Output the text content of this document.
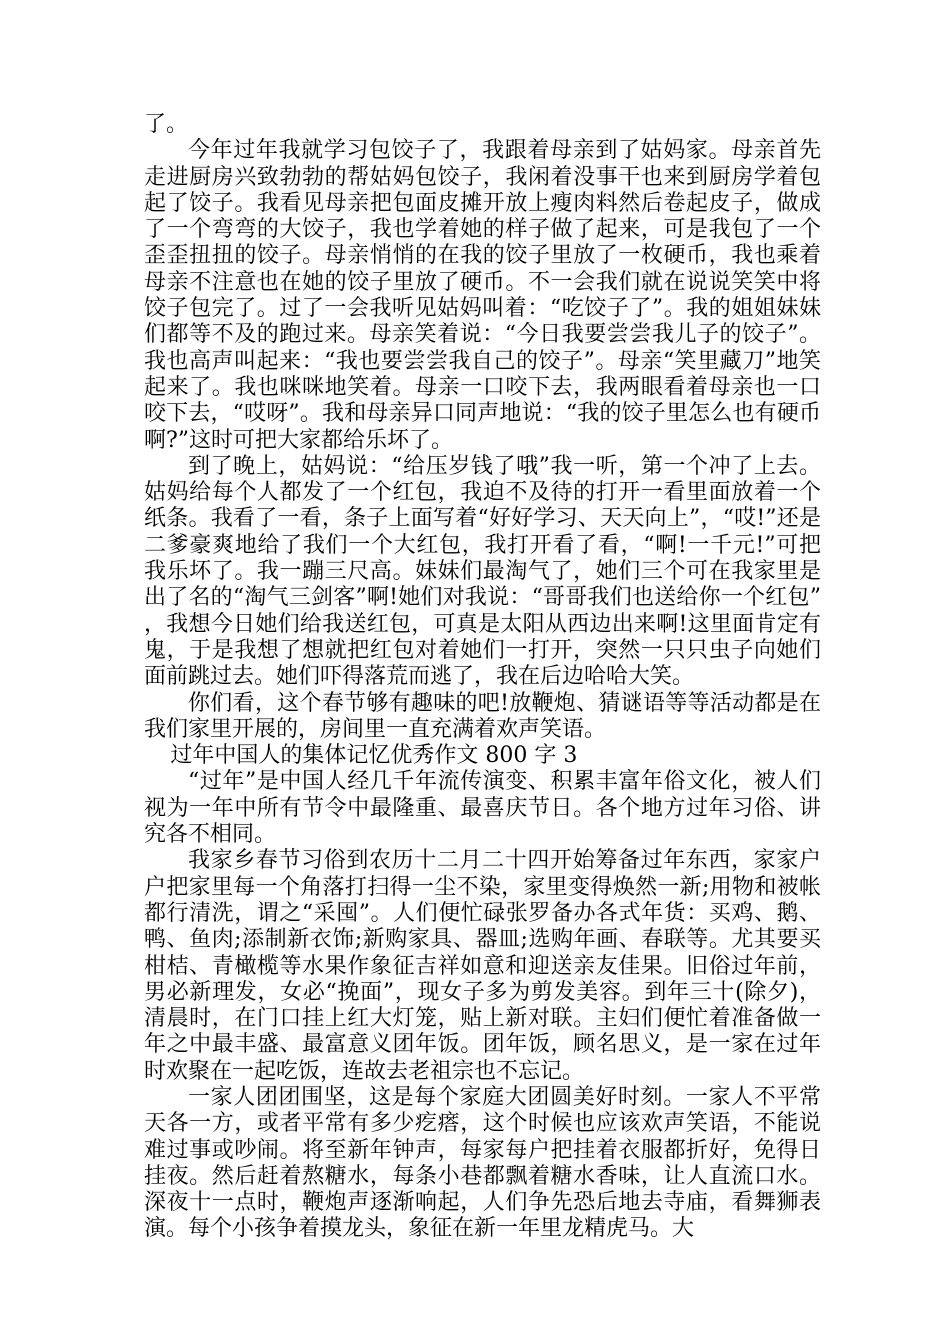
了。

今年过年我就学习包饺子了，我跟着母亲到了姑妈家。母亲首先走进厨房兴致勃勃的帮姑妈包饺子，我闲着没事干也来到厨房学着包起了饺子。我看见母亲把包面皮摊开放上瘦肉料然后卷起皮子，做成了一个弯弯的大饺子，我也学着她的样子做了起来，可是我包了一个歪歪扭扭的饺子。母亲悄悄的在我的饺子里放了一枚硬币，我也乘着母亲不注意也在她的饺子里放了硬币。不一会我们就在说说笑笑中将饺子包完了。过了一会我听见姑妈叫着：“吃饺子了”。我的姐姐妹妹们都等不及的跑过来。母亲笑着说：“今日我要尝尝我儿子的饺子”。我也高声叫起来：“我也要尝尝我自己的饺子”。母亲“笑里藏刀”地笑起来了。我也咪咪地笑着。母亲一口咬下去，我两眼看着母亲也一口咬下去，“哎呀”。我和母亲异口同声地说：“我的饺子里怎么也有硬币啊?”这时可把大家都给乐坏了。

到了晚上，姑妈说：“给压岁钱了哦”我一听，第一个冲了上去。姑妈给每个人都发了一个红包，我迫不及待的打开一看里面放着一个纸条。我看了一看，条子上面写着“好好学习、天天向上”，“哎!”还是二爹豪爽地给了我们一个大红包，我打开看了看，“啊!一千元!”可把我乐坏了。我一蹦三尺高。妹妹们最淘气了，她们三个可在我家里是出了名的“淘气三剑客”啊!她们对我说：“哥哥我们也送给你一个红包”，我想今日她们给我送红包，可真是太阳从西边出来啊!这里面肯定有鬼，于是我想了想就把红包对着她们一打开，突然一只只虫子向她们面前跳过去。她们吓得落荒而逃了，我在后边哈哈大笑。

你们看，这个春节够有趣味的吧!放鞭炮、猜谜语等等活动都是在我们家里开展的，房间里一直充满着欢声笑语。

过年中国人的集体记忆优秀作文 800 字 3

“过年”是中国人经几千年流传演变、积累丰富年俗文化，被人们视为一年中所有节令中最隆重、最喜庆节日。各个地方过年习俗、讲究各不相同。

我家乡春节习俗到农历十二月二十四开始筹备过年东西，家家户户把家里每一个角落打扫得一尘不染，家里变得焕然一新;用物和被帐都行清洗，谓之“采囤”。人们便忙碌张罗备办各式年货：买鸡、鹅、鸭、鱼肉;添制新衣饰;新购家具、器皿;选购年画、春联等。尤其要买柑桔、青橄榄等水果作象征吉祥如意和迎送亲友佳果。旧俗过年前，男必新理发，女必“挽面”，现女子多为剪发美容。到年三十(除夕)，清晨时，在门口挂上红大灯笼，贴上新对联。主妇们便忙着准备做一年之中最丰盛、最富意义团年饭。团年饭，顾名思义，是一家在过年时欢聚在一起吃饭，连故去老祖宗也不忘记。

一家人团团围坚，这是每个家庭大团圆美好时刻。一家人不平常天各一方，或者平常有多少疙瘩，这个时候也应该欢声笑语，不能说难过事或吵闹。将至新年钟声，每家每户把挂着衣服都折好，免得日挂夜。然后赶着熬糖水，每条小巷都飘着糖水香味，让人直流口水。深夜十一点时，鞭炮声逐渐响起，人们争先恐后地去寺庙，看舞狮表演。每个小孩争着摸龙头，象征在新一年里龙精虎马。大
